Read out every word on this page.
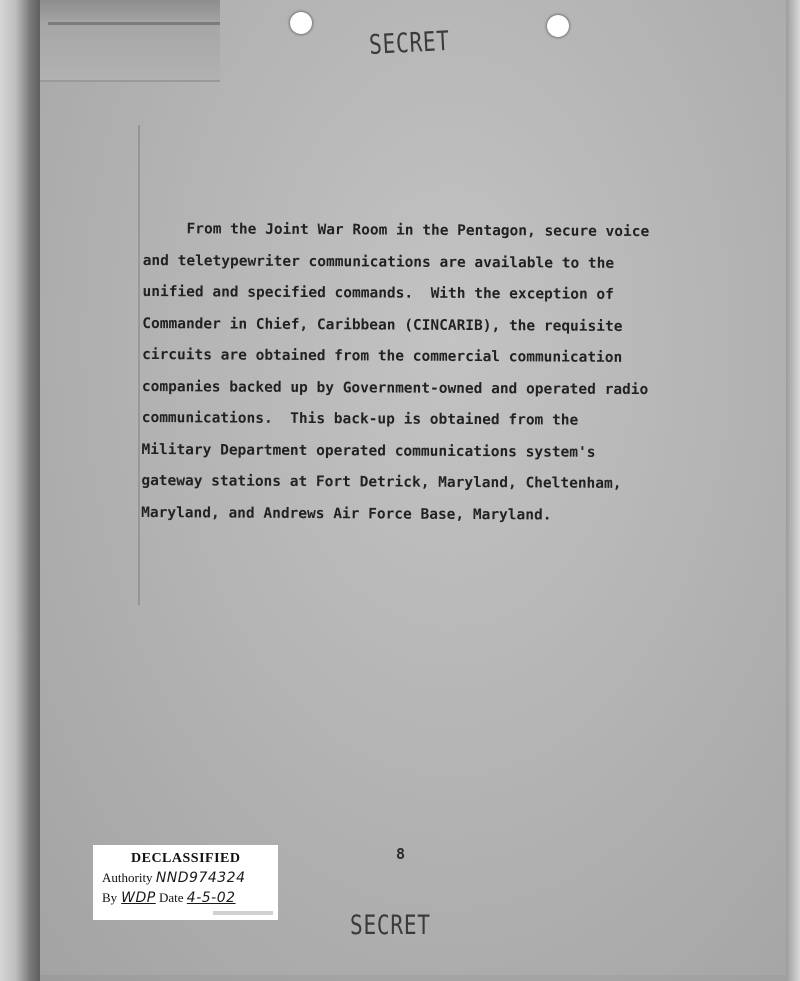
SECRET
From the Joint War Room in the Pentagon, secure voice
and teletypewriter communications are available to the
unified and specified commands.  With the exception of
Commander in Chief, Caribbean (CINCARIB), the requisite
circuits are obtained from the commercial communication
companies backed up by Government-owned and operated radio
communications.  This back-up is obtained from the
Military Department operated communications system's
gateway stations at Fort Detrick, Maryland, Cheltenham,
Maryland, and Andrews Air Force Base, Maryland.
8
DECLASSIFIED
Authority NND974324
By WDP Date 4-5-02
SECRET
